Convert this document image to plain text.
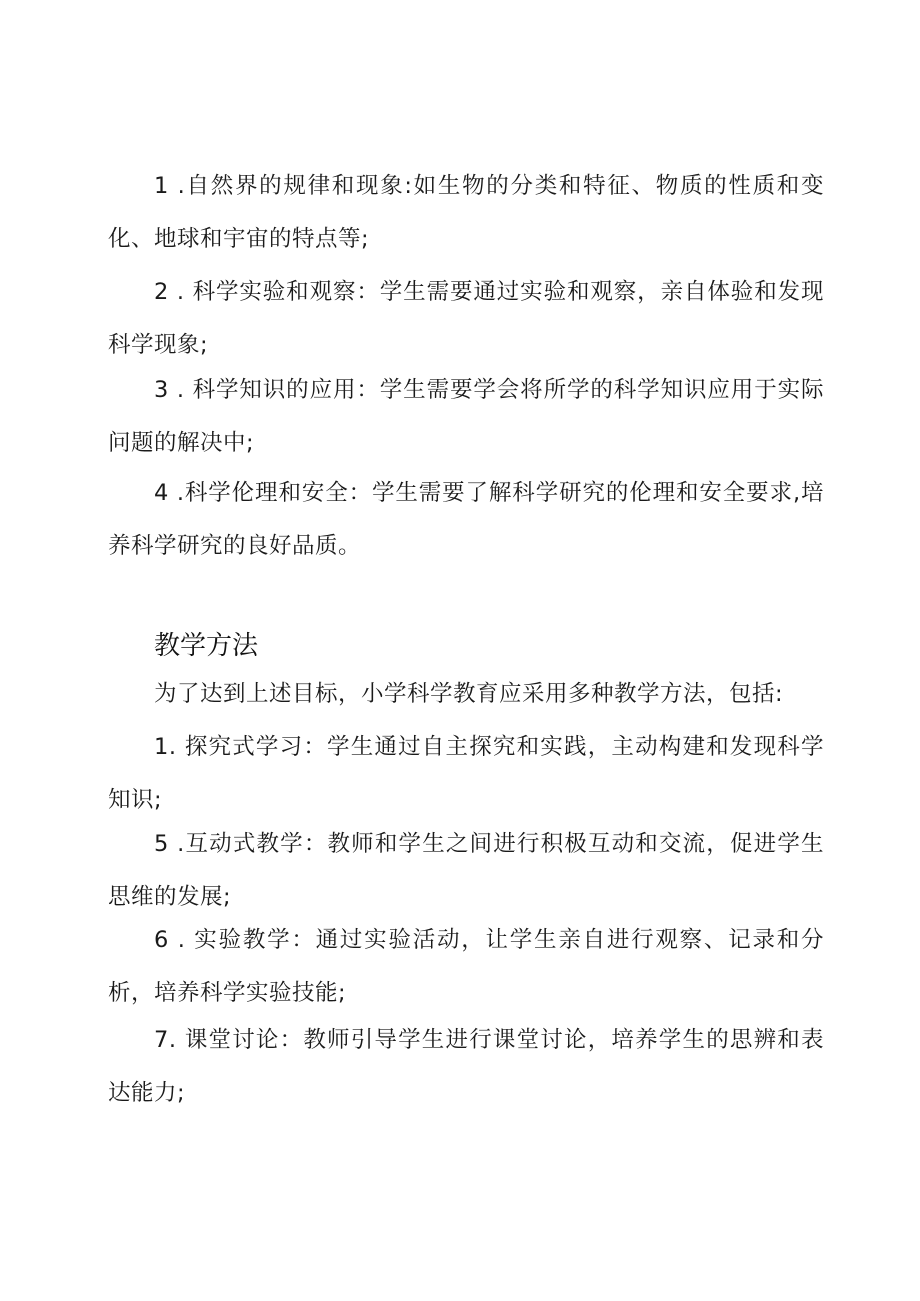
1 .自然界的规律和现象:如生物的分类和特征、物质的性质和变化、地球和宇宙的特点等;

2 . 科学实验和观察：学生需要通过实验和观察，亲自体验和发现科学现象;

3 . 科学知识的应用：学生需要学会将所学的科学知识应用于实际问题的解决中;

4 .科学伦理和安全：学生需要了解科学研究的伦理和安全要求,培养科学研究的良好品质。

教学方法

为了达到上述目标，小学科学教育应采用多种教学方法，包括:

1. 探究式学习：学生通过自主探究和实践，主动构建和发现科学知识;

5 .互动式教学：教师和学生之间进行积极互动和交流，促进学生思维的发展;

6 . 实验教学：通过实验活动，让学生亲自进行观察、记录和分析，培养科学实验技能;

7. 课堂讨论：教师引导学生进行课堂讨论，培养学生的思辨和表达能力;
